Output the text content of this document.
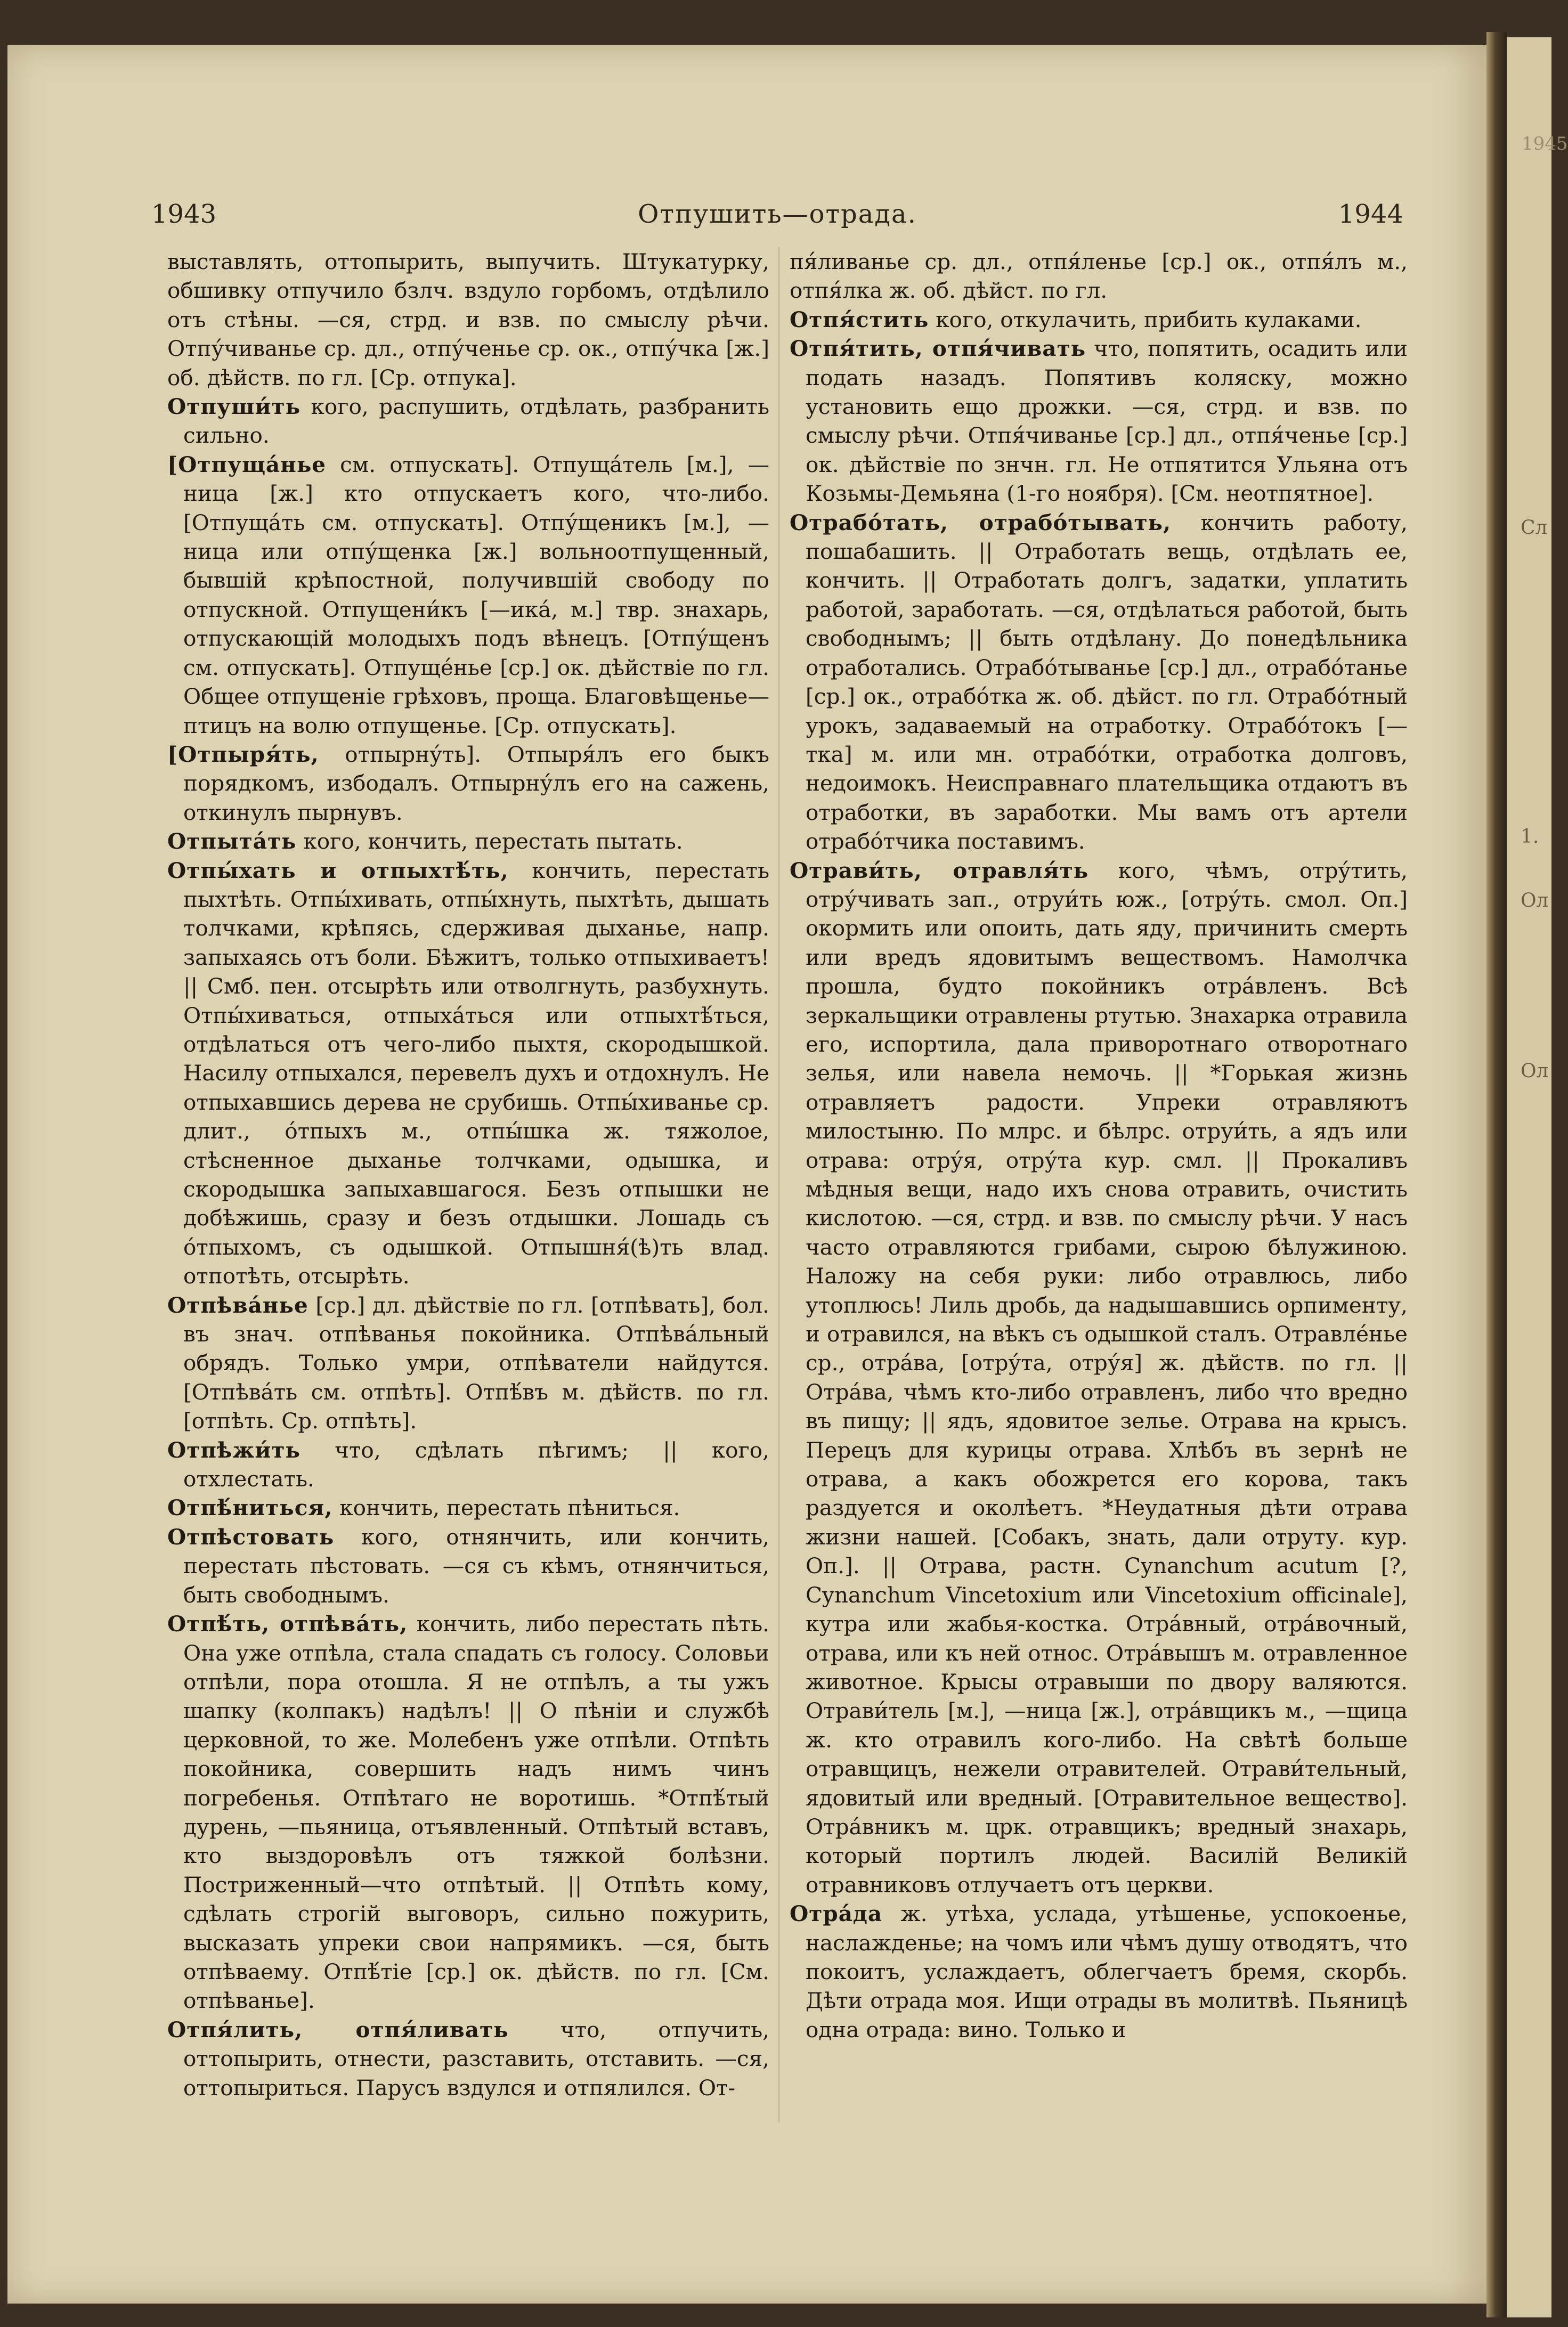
1943	Отпушить—отрада.	1944

выставлять, оттопырить, выпучить. Штукатурку, обшивку отпучило бзлч. вздуло горбомъ, отдѣлило отъ стѣны. —ся, стрд. и взв. по смыслу рѣчи. Отпу́чиванье ср. дл., отпу́ченье ср. ок., отпу́чка [ж.] об. дѣйств. по гл. [Ср. отпука].

Отпуши́ть кого, распушить, отдѣлать, разбранить сильно.

[Отпуща́нье см. отпускать]. Отпуща́тель [м.], —ница [ж.] кто отпускаетъ кого, что-либо. [Отпуща́ть см. отпускать]. Отпу́щеникъ [м.], —ница или отпу́щенка [ж.] вольноотпущенный, бывшій крѣпостной, получившій свободу по отпускной. Отпущени́къ [—ика́, м.] твр. знахарь, отпускающій молодыхъ подъ вѣнецъ. [Отпу́щенъ см. отпускать]. Отпуще́нье [ср.] ок. дѣйствіе по гл. Общее отпущеніе грѣховъ, проща. Благовѣщенье—птицъ на волю отпущенье. [Ср. отпускать].

[Отпыря́ть, отпырну́ть]. Отпыря́лъ его быкъ порядкомъ, избодалъ. Отпырну́лъ его на сажень, откинулъ пырнувъ.

Отпыта́ть кого, кончить, перестать пытать.

Отпы́хать и отпыхтѣ́ть, кончить, перестать пыхтѣть. Отпы́хивать, отпы́хнуть, пыхтѣть, дышать толчками, крѣпясь, сдерживая дыханье, напр. запыхаясь отъ боли. Бѣжитъ, только отпыхиваетъ! || Смб. пен. отсырѣть или отволгнуть, разбухнуть. Отпы́хиваться, отпыха́ться или отпыхтѣ́ться, отдѣлаться отъ чего-либо пыхтя, скородышкой. Насилу отпыхался, перевелъ духъ и отдохнулъ. Не отпыхавшись дерева не срубишь. Отпы́хиванье ср. длит., о́тпыхъ м., отпы́шка ж. тяжолое, стѣсненное дыханье толчками, одышка, и скородышка запыхавшагося. Безъ отпышки не добѣжишь, сразу и безъ отдышки. Лошадь съ о́тпыхомъ, съ одышкой. Отпышня́(ѣ)ть влад. отпотѣть, отсырѣть.

Отпѣва́нье [ср.] дл. дѣйствіе по гл. [отпѣвать], бол. въ знач. отпѣванья покойника. Отпѣва́льный обрядъ. Только умри, отпѣватели найдутся. [Отпѣва́ть см. отпѣть]. Отпѣ́въ м. дѣйств. по гл. [отпѣть. Ср. отпѣть].

Отпѣжи́ть что, сдѣлать пѣгимъ; || кого, отхлестать.

Отпѣ́ниться, кончить, перестать пѣниться.

Отпѣстовать кого, отнянчить, или кончить, перестать пѣстовать. —ся съ кѣмъ, отнянчиться, быть свободнымъ.

Отпѣ́ть, отпѣва́ть, кончить, либо перестать пѣть. Она уже отпѣла, стала спадать съ голосу. Соловьи отпѣли, пора отошла. Я не отпѣлъ, а ты ужъ шапку (колпакъ) надѣлъ! || О пѣніи и службѣ церковной, то же. Молебенъ уже отпѣли. Отпѣть покойника, совершить надъ нимъ чинъ погребенья. Отпѣтаго не воротишь. *Отпѣ́тый дурень, —пьяница, отъявленный. Отпѣтый вставъ, кто выздоровѣлъ отъ тяжкой болѣзни. Постриженный—что отпѣтый. || Отпѣть кому, сдѣлать строгій выговоръ, сильно пожурить, высказать упреки свои напрямикъ. —ся, быть отпѣваему. Отпѣ́тіе [ср.] ок. дѣйств. по гл. [См. отпѣванье].

Отпя́лить, отпя́ливать что, отпучить, оттопырить, отнести, разставить, отставить. —ся, оттопыриться. Парусъ вздулся и отпялился. От-

пя́ливанье ср. дл., отпя́ленье [ср.] ок., отпя́лъ м., отпя́лка ж. об. дѣйст. по гл.

Отпя́стить кого, откулачить, прибить кулаками.

Отпя́тить, отпя́чивать что, попятить, осадить или подать назадъ. Попятивъ коляску, можно установить ещо дрожки. —ся, стрд. и взв. по смыслу рѣчи. Отпя́чиванье [ср.] дл., отпя́ченье [ср.] ок. дѣйствіе по знчн. гл. Не отпятится Ульяна отъ Козьмы-Демьяна (1-го ноября). [См. неотпятное].

Отрабо́тать, отрабо́тывать, кончить работу, пошабашить. || Отработать вещь, отдѣлать ее, кончить. || Отработать долгъ, задатки, уплатить работой, заработать. —ся, отдѣлаться работой, быть свободнымъ; || быть отдѣлану. До понедѣльника отработались. Отрабо́тыванье [ср.] дл., отрабо́танье [ср.] ок., отрабо́тка ж. об. дѣйст. по гл. Отрабо́тный урокъ, задаваемый на отработку. Отрабо́токъ [—тка] м. или мн. отрабо́тки, отработка долговъ, недоимокъ. Неисправнаго плательщика отдаютъ въ отработки, въ заработки. Мы вамъ отъ артели отрабо́тчика поставимъ.

Отрави́ть, отравля́ть кого, чѣмъ, отру́тить, отру́чивать зап., отруи́ть юж., [отру́ть. смол. Оп.] окормить или опоить, дать яду, причинить смерть или вредъ ядовитымъ веществомъ. Намолчка прошла, будто покойникъ отра́вленъ. Всѣ зеркальщики отравлены ртутью. Знахарка отравила его, испортила, дала приворотнаго отворотнаго зелья, или навела немочь. || *Горькая жизнь отравляетъ радости. Упреки отравляютъ милостыню. По млрс. и бѣлрс. отруи́ть, а ядъ или отрава: отру́я, отру́та кур. смл. || Прокаливъ мѣдныя вещи, надо ихъ снова отравить, очистить кислотою. —ся, стрд. и взв. по смыслу рѣчи. У насъ часто отравляются грибами, сырою бѣлужиною. Наложу на себя руки: либо отравлюсь, либо утоплюсь! Лиль дробь, да надышавшись орпименту, и отравился, на вѣкъ съ одышкой сталъ. Отравле́нье ср., отра́ва, [отру́та, отру́я] ж. дѣйств. по гл. || Отра́ва, чѣмъ кто-либо отравленъ, либо что вредно въ пищу; || ядъ, ядовитое зелье. Отрава на крысъ. Перецъ для курицы отрава. Хлѣбъ въ зернѣ не отрава, а какъ обожрется его корова, такъ раздуется и околѣетъ. *Неудатныя дѣти отрава жизни нашей. [Собакъ, знать, дали отруту. кур. Оп.]. || Отрава, растн. Cynanchum acutum [?, Cynanchum Vincetoxium или Vincetoxium officinale], кутра или жабья-костка. Отра́вный, отра́вочный, отрава, или къ ней относ. Отра́вышъ м. отравленное животное. Крысы отравыши по двору валяются. Отрави́тель [м.], —ница [ж.], отра́вщикъ м., —щица ж. кто отравилъ кого-либо. На свѣтѣ больше отравщицъ, нежели отравителей. Отрави́тельный, ядовитый или вредный. [Отравительное вещество]. Отра́вникъ м. црк. отравщикъ; вредный знахарь, который портилъ людей. Василій Великій отравниковъ отлучаетъ отъ церкви.

Отра́да ж. утѣха, услада, утѣшенье, успокоенье, наслажденье; на чомъ или чѣмъ душу отводятъ, что покоитъ, услаждаетъ, облегчаетъ бремя, скорбь. Дѣти отрада моя. Ищи отрады въ молитвѣ. Пьяницѣ одна отрада: вино. Только и

1945
Сл
1.
Ол
Ол
